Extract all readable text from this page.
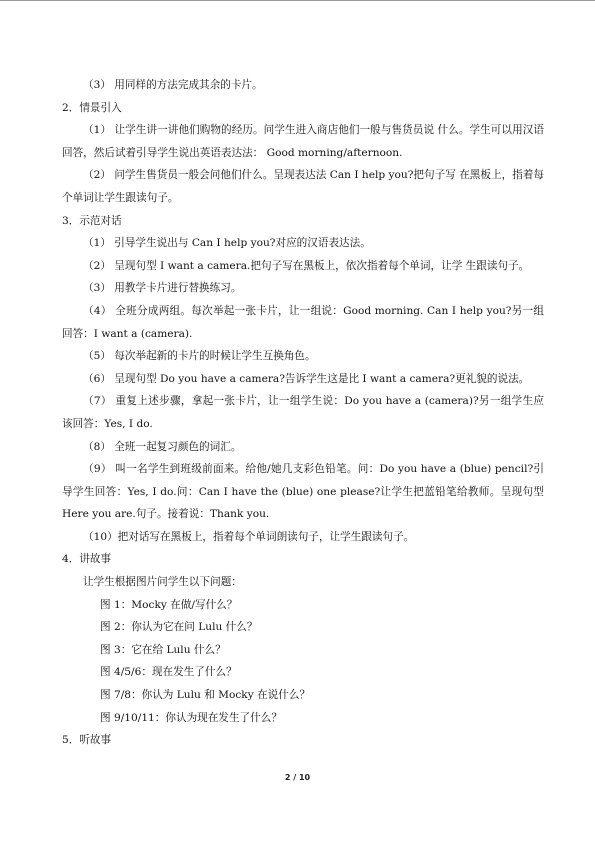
（3） 用同样的方法完成其余的卡片。

2．情景引入

（1） 让学生讲一讲他们购物的经历。问学生进入商店他们一般与售货员说 什么。学生可以用汉语回答，然后试着引导学生说出英语表达法： Good morning/afternoon.

（2） 问学生售货员一般会问他们什么。呈现表达法 Can I help you?把句子写 在黑板上，指着每个单词让学生跟读句子。

3．示范对话

（1） 引导学生说出与 Can I help you?对应的汉语表达法。

（2） 呈现句型 I want a camera.把句子写在黑板上，依次指着每个单词，让学 生跟读句子。

（3） 用教学卡片进行替换练习。

（4） 全班分成两组。每次举起一张卡片，让一组说：Good morning. Can I help you?另一组回答：I want a (camera).

（5） 每次举起新的卡片的时候让学生互换角色。

（6） 呈现句型 Do you have a camera?告诉学生这是比 I want a camera?更礼貌的说法。

（7） 重复上述步骤，拿起一张卡片，让一组学生说：Do you have a (camera)?另一组学生应该回答：Yes, I do.

（8） 全班一起复习颜色的词汇。

（9） 叫一名学生到班级前面来。给他/她几支彩色铅笔。问：Do you have a (blue) pencil?引导学生回答：Yes, I do.问：Can I have the (blue) one please?让学生把蓝铅笔给教师。呈现句型 Here you are.句子。接着说：Thank you.

（10）把对话写在黑板上，指着每个单词朗读句子，让学生跟读句子。

4．讲故事

让学生根据图片问学生以下问题：

图 1：Mocky 在做/写什么？

图 2：你认为它在问 Lulu 什么？

图 3：它在给 Lulu 什么？

图 4/5/6：现在发生了什么？

图 7/8：你认为 Lulu 和 Mocky 在说什么？

图 9/10/11：你认为现在发生了什么？

5．听故事

2 / 10
